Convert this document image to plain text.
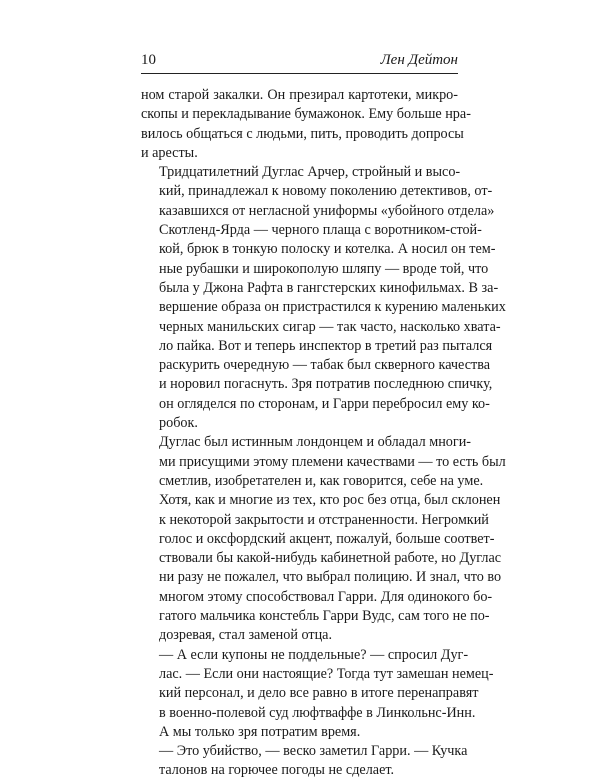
10	Лен Дейтон

ном старой закалки. Он презирал картотеки, микро-
скопы и перекладывание бумажонок. Ему больше нра-
вилось общаться с людьми, пить, проводить допросы
и аресты.

Тридцатилетний Дуглас Арчер, стройный и высо-
кий, принадлежал к новому поколению детективов, от-
казавшихся от негласной униформы «убойного отдела»
Скотленд-Ярда — черного плаща с воротником-стой-
кой, брюк в тонкую полоску и котелка. А носил он тем-
ные рубашки и широкополую шляпу — вроде той, что
была у Джона Рафта в гангстерских кинофильмах. В за-
вершение образа он пристрастился к курению маленьких
черных манильских сигар — так часто, насколько хвата-
ло пайка. Вот и теперь инспектор в третий раз пытался
раскурить очередную — табак был скверного качества
и норовил погаснуть. Зря потратив последнюю спичку,
он огляделся по сторонам, и Гарри перебросил ему ко-
робок.

Дуглас был истинным лондонцем и обладал многи-
ми присущими этому племени качествами — то есть был
сметлив, изобретателен и, как говорится, себе на уме.
Хотя, как и многие из тех, кто рос без отца, был склонен
к некоторой закрытости и отстраненности. Негромкий
голос и оксфордский акцент, пожалуй, больше соответ-
ствовали бы какой-нибудь кабинетной работе, но Дуглас
ни разу не пожалел, что выбрал полицию. И знал, что во
многом этому способствовал Гарри. Для одинокого бо-
гатого мальчика констебль Гарри Вудс, сам того не по-
дозревая, стал заменой отца.

— А если купоны не поддельные? — спросил Дуг-
лас. — Если они настоящие? Тогда тут замешан немец-
кий персонал, и дело все равно в итоге перенаправят
в военно-полевой суд люфтваффе в Линкольнс-Инн.
А мы только зря потратим время.

— Это убийство, — веско заметил Гарри. — Кучка
талонов на горючее погоды не сделает.
